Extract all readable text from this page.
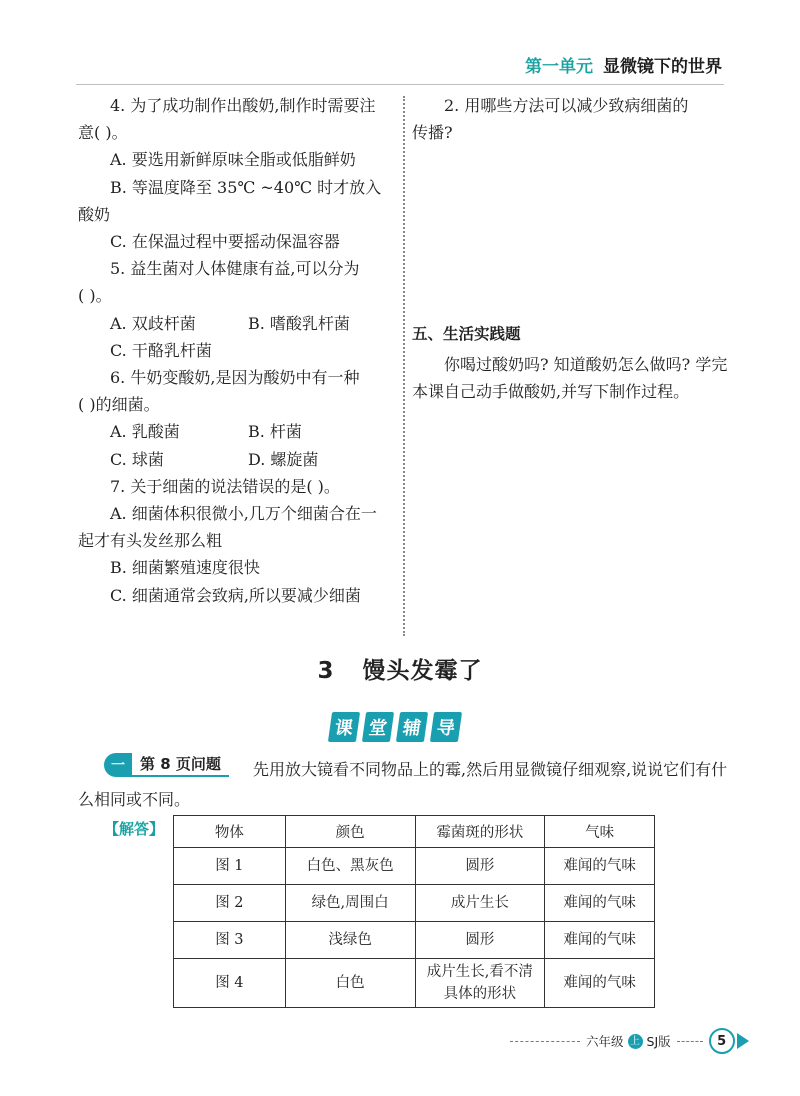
第一单元 显微镜下的世界
4. 为了成功制作出酸奶,制作时需要注
意( )。
A. 要选用新鲜原味全脂或低脂鲜奶
B. 等温度降至 35℃ ~40℃ 时才放入
酸奶
C. 在保温过程中要摇动保温容器
5. 益生菌对人体健康有益,可以分为
( )。
A. 双歧杆菌	B. 嗜酸乳杆菌
C. 干酪乳杆菌
6. 牛奶变酸奶,是因为酸奶中有一种
( )的细菌。
A. 乳酸菌	B. 杆菌
C. 球菌	D. 螺旋菌
7. 关于细菌的说法错误的是( )。
A. 细菌体积很微小,几万个细菌合在一
起才有头发丝那么粗
B. 细菌繁殖速度很快
C. 细菌通常会致病,所以要减少细菌
2. 用哪些方法可以减少致病细菌的
传播?
五、生活实践题
你喝过酸奶吗? 知道酸奶怎么做吗? 学完
本课自己动手做酸奶,并写下制作过程。
3 馒头发霉了
课 堂 辅 导
先用放大镜看不同物品上的霉,然后用显微镜仔细观察,说说它们有什么相同或不同。
一	第 8 页问题
【解答】	物体	颜色	霉菌斑的形状	气味
图 1	白色、黑灰色	圆形	难闻的气味
图 2	绿色,周围白	成片生长	难闻的气味
图 3	浅绿色	圆形	难闻的气味
图 4	白色	成片生长,看不清
具体的形状	难闻的气味
六年级 上 SJ版	5
